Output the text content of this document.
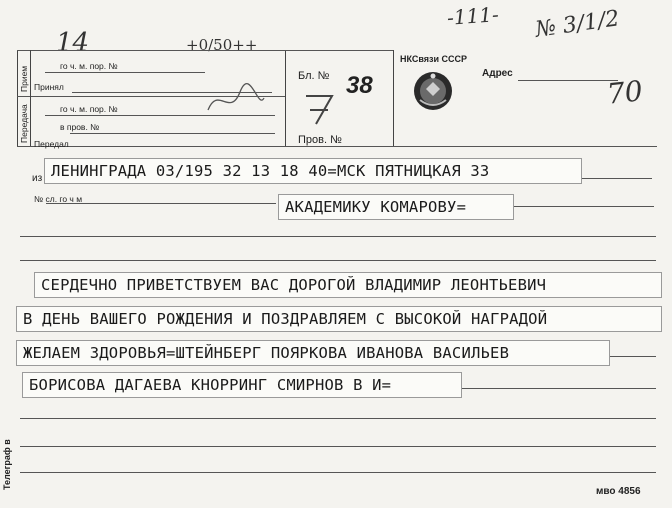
-111- № 3/1/2
+0/50++
70
14
Прием
Передача
го ч. м. пор. №
Принял
го ч. м. пор. №
в пров. №
Передал
Бл. № 38
Пров. №
НКСвязи СССР
Адрес
из ЛЕНИНГРАДА 03/195 32 13 18 40=МСК ПЯТНИЦКАЯ 33
№ сл. го ч м	АКАДЕМИКУ КОМАРОВУ=
СЕРДЕЧНО ПРИВЕТСТВУЕМ ВАС ДОРОГОЙ ВЛАДИМИР ЛЕОНТЬЕВИЧ
В ДЕНЬ ВАШЕГО РОЖДЕНИЯ И ПОЗДРАВЛЯЕМ С ВЫСОКОЙ НАГРАДОЙ
ЖЕЛАЕМ ЗДОРОВЬЯ=ШТЕЙНБЕРГ ПОЯРКОВА ИВАНОВА ВАСИЛЬЕВ
БОРИСОВА ДАГАЕВА КНОРРИНГ СМИРНОВ В И=
Телеграф в
мво 4856
